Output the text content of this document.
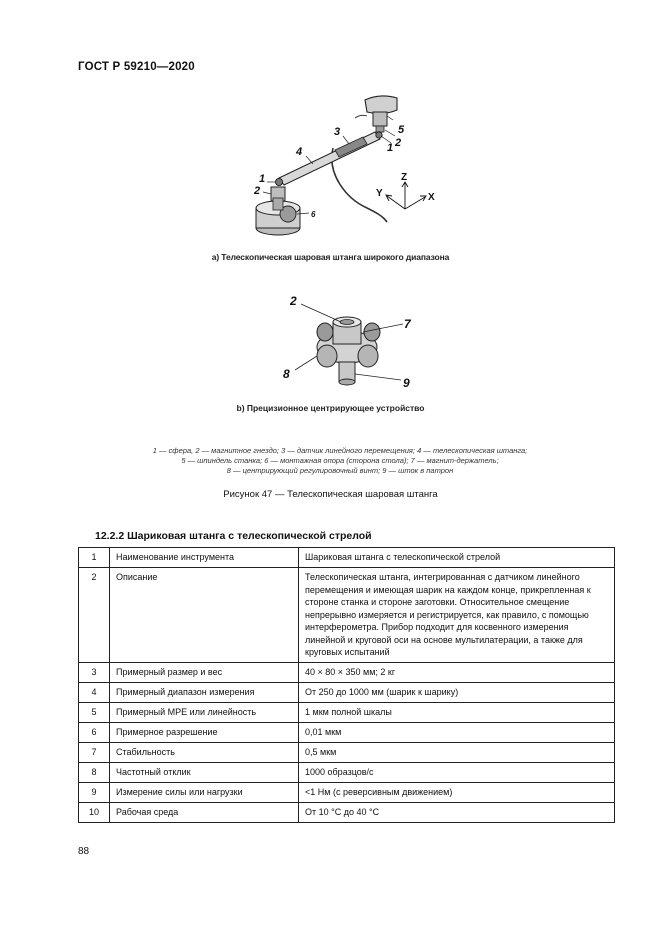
ГОСТ Р 59210—2020
5
2
1
3
4
1
2
6
Z
Y	X
a) Телескопическая шаровая штанга широкого диапазона
2
7
8
9
b) Прецизионное центрирующее устройство
1 — сфера, 2 — магнитное гнездо; 3 — датчик линейного перемещения; 4 — телескопическая штанга;
5 — шпиндель станка; 6 — монтажная опора (сторона стола); 7 — магнит-держатель;
8 — центрирующий регулировочный винт; 9 — шток в патрон
Рисунок 47 — Телескопическая шаровая штанга
12.2.2 Шариковая штанга с телескопической стрелой
1	Наименование инструмента	Шариковая штанга с телескопической стрелой
2	Описание	Телескопическая штанга, интегрированная с датчиком линейного перемещения и имеющая шарик на каждом конце, прикрепленная к стороне станка и стороне заготовки. Относительное смещение непрерывно измеряется и регистрируется, как правило, с помощью интерферометра. Прибор подходит для косвенного измерения линейной и круговой оси на основе мультилатерации, а также для круговых испытаний
3	Примерный размер и вес	40 × 80 × 350 мм; 2 кг
4	Примерный диапазон измерения	От 250 до 1000 мм (шарик к шарику)
5	Примерный MPE или линейность	1 мкм полной шкалы
6	Примерное разрешение	0,01 мкм
7	Стабильность	0,5 мкм
8	Частотный отклик	1000 образцов/с
9	Измерение силы или нагрузки	<1 Нм (с реверсивным движением)
10	Рабочая среда	От 10 °С до 40 °С
88
